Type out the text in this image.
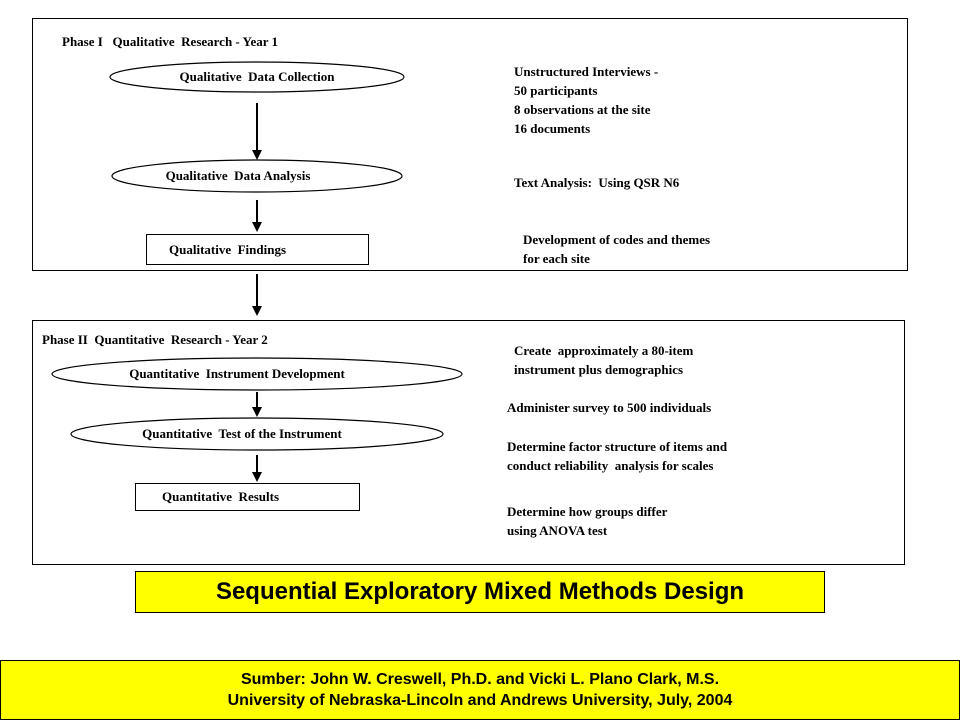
Phase I   Qualitative  Research - Year 1
Qualitative  Data Collection
Qualitative  Data Analysis
Qualitative  Findings
Unstructured Interviews -
50 participants
8 observations at the site
16 documents
Text Analysis:  Using QSR N6
Development of codes and themes
for each site
Phase II  Quantitative  Research - Year 2
Quantitative  Instrument Development
Quantitative  Test of the Instrument
Quantitative  Results
Create  approximately a 80-item
instrument plus demographics
Administer survey to 500 individuals
Determine factor structure of items and
conduct reliability  analysis for scales
Determine how groups differ
using ANOVA test
Sequential Exploratory Mixed Methods Design
Sumber: John W. Creswell, Ph.D. and Vicki L. Plano Clark, M.S.
University of Nebraska-Lincoln and Andrews University, July, 2004
